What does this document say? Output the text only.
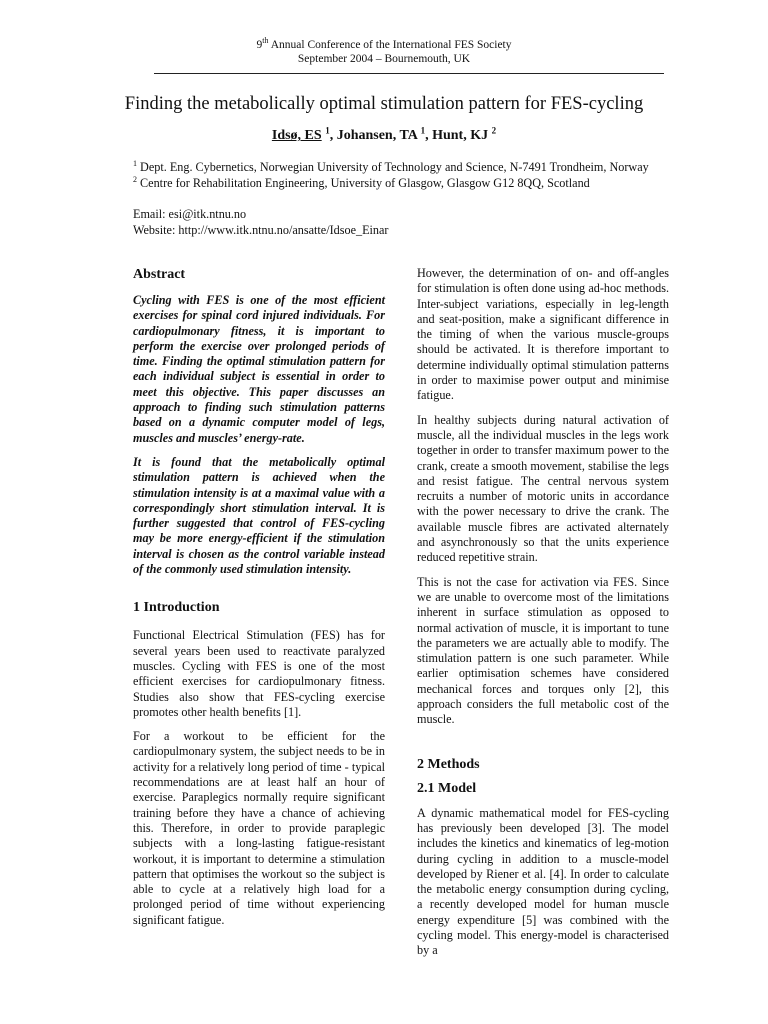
9th Annual Conference of the International FES Society
September 2004 – Bournemouth, UK
Finding the metabolically optimal stimulation pattern for FES-cycling
Idsø, ES $^1$, Johansen, TA $^1$, Hunt, KJ $^2$
$^1$ Dept. Eng. Cybernetics, Norwegian University of Technology and Science, N-7491 Trondheim, Norway
$^2$ Centre for Rehabilitation Engineering, University of Glasgow, Glasgow G12 8QQ, Scotland
Email: esi@itk.ntnu.no
Website: http://www.itk.ntnu.no/ansatte/Idsoe_Einar
Abstract

Cycling with FES is one of the most efficient exercises for spinal cord injured individuals. For cardiopulmonary fitness, it is important to perform the exercise over prolonged periods of time. Finding the optimal stimulation pattern for each individual subject is essential in order to meet this objective. This paper discusses an approach to finding such stimulation patterns based on a dynamic computer model of legs, muscles and muscles’ energy-rate.

It is found that the metabolically optimal stimulation pattern is achieved when the stimulation intensity is at a maximal value with a correspondingly short stimulation interval. It is further suggested that control of FES-cycling may be more energy-efficient if the stimulation interval is chosen as the control variable instead of the commonly used stimulation intensity.

1 Introduction

Functional Electrical Stimulation (FES) has for several years been used to reactivate paralyzed muscles. Cycling with FES is one of the most efficient exercises for cardiopulmonary fitness. Studies also show that FES-cycling exercise promotes other health benefits [1].

For a workout to be efficient for the cardiopulmonary system, the subject needs to be in activity for a relatively long period of time - typical recommendations are at least half an hour of exercise. Paraplegics normally require significant training before they have a chance of achieving this. Therefore, in order to provide paraplegic subjects with a long-lasting fatigue-resistant workout, it is important to determine a stimulation pattern that optimises the workout so the subject is able to cycle at a relatively high load for a prolonged period of time without experiencing significant fatigue.

However, the determination of on- and off-angles for stimulation is often done using ad-hoc methods. Inter-subject variations, especially in leg-length and seat-position, make a significant difference in the timing of when the various muscle-groups should be activated. It is therefore important to determine individually optimal stimulation patterns in order to maximise power output and minimise fatigue.

In healthy subjects during natural activation of muscle, all the individual muscles in the legs work together in order to transfer maximum power to the crank, create a smooth movement, stabilise the legs and resist fatigue. The central nervous system recruits a number of motoric units in accordance with the power necessary to drive the crank. The available muscle fibres are activated alternately and asynchronously so that the units experience reduced repetitive strain.

This is not the case for activation via FES. Since we are unable to overcome most of the limitations inherent in surface stimulation as opposed to normal activation of muscle, it is important to tune the parameters we are actually able to modify. The stimulation pattern is one such parameter. While earlier optimisation schemes have considered mechanical forces and torques only [2], this approach considers the full metabolic cost of the muscle.

2 Methods
2.1 Model

A dynamic mathematical model for FES-cycling has previously been developed [3]. The model includes the kinetics and kinematics of leg-motion during cycling in addition to a muscle-model developed by Riener et al. [4]. In order to calculate the metabolic energy consumption during cycling, a recently developed model for human muscle energy expenditure [5] was combined with the cycling model. This energy-model is characterised by a
